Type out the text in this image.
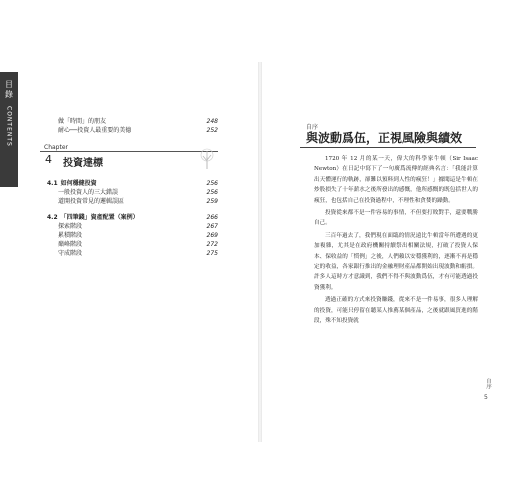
目錄
CONTENTS	做「時間」的朋友	248
耐心──投資人最重要的美德	252
Chapter
4 投資達標
4.1  如何穩健投資	256
一般投資人的三大錯誤	256
道開投資常見的邏輯誤區	259
4.2  「四筆錢」資產配置（案例）	266
探索階段	267
累積階段	269
巔峰階段	272
守成階段	275
自序
與波動爲伍，正視風險與績效

1720 年 12 月的某一天，偉大的科學家牛頓（Sir Isaac Newton）在日記中寫下了一句廣爲流傳的經典名言：「我能計算出天體運行的軌跡，卻難以預料到人性的瘋狂！」據聞這是牛頓在炒股損失了十年薪水之後所發出的感慨，他所感慨的既包括世人的瘋狂，也包括自己在投資過程中，不理性和貪婪的躁動。

投資從來都不是一件容易的事情，不但要打敗對手，還要戰勝自己。

三百年過去了，我們現在面臨的情況遠比牛頓當年所遭遇的更加複雜，尤其是在政府機關持續祭出相關法規，打破了投資人保本、保收益的「慣例」之後，人們賴以安穩獲利的，逐漸不再是穩定的收益，各家銀行推出的金融理財產品都開始出現波動和虧損。許多人這時方才意識到，我們不得不與波動爲伍，才有可能透過投資獲利。

透過正確的方式來投資賺錢，從來不是一件易事，很多人理解的投資，可能只停留在聽某人推薦某個產品，之後就跟風買進的階段，殊不知投資就

自序
5
